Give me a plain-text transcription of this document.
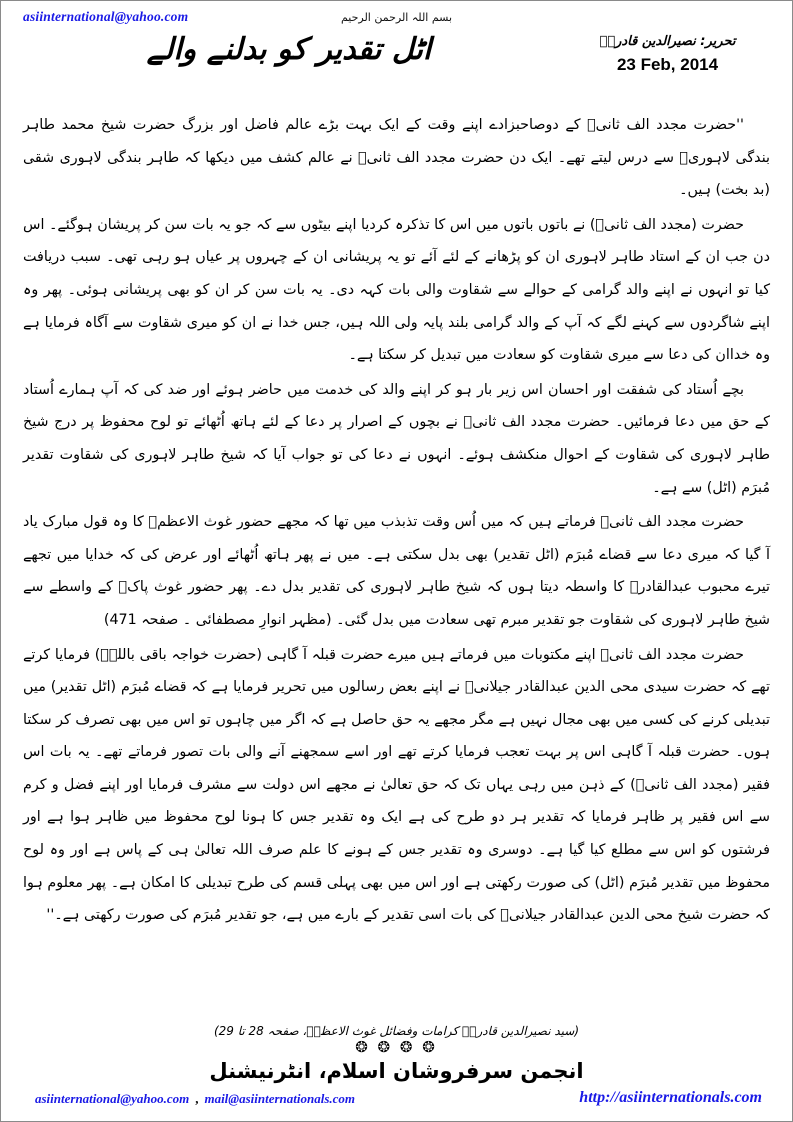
asiinternational@yahoo.com	بسم اللہ الرحمن الرحیم
اٹل تقدیر کو بدلنے والے	تحریر: نصیرالدین قادریؒ
23 Feb, 2014

''حضرت مجدد الف ثانیؒ کے دوصاحبزادے اپنے وقت کے ایک بہت بڑے عالم فاضل اور بزرگ حضرت شیخ محمد طاہر بندگی لاہوریؒ سے درس لیتے تھے۔ ایک دن حضرت مجدد الف ثانیؒ نے عالم کشف میں دیکھا کہ طاہر بندگی لاہوری شقی (بد بخت) ہیں۔

حضرت (مجدد الف ثانیؒ) نے باتوں باتوں میں اس کا تذکرہ کردیا اپنے بیٹوں سے کہ جو یہ بات سن کر پریشان ہوگئے۔ اس دن جب ان کے استاد طاہر لاہوری ان کو پڑھانے کے لئے آئے تو یہ پریشانی ان کے چہروں پر عیاں ہو رہی تھی۔ سبب دریافت کیا تو انہوں نے اپنے والد گرامی کے حوالے سے شقاوت والی بات کہہ دی۔ یہ بات سن کر ان کو بھی پریشانی ہوئی۔ پھر وہ اپنے شاگردوں سے کہنے لگے کہ آپ کے والد گرامی بلند پایہ ولی اللہ ہیں، جس خدا نے ان کو میری شقاوت سے آگاہ فرمایا ہے وہ خداان کی دعا سے میری شقاوت کو سعادت میں تبدیل کر سکتا ہے۔

بچے اُستاد کی شفقت اور احسان اس زیر بار ہو کر اپنے والد کی خدمت میں حاضر ہوئے اور ضد کی کہ آپ ہمارے اُستاد کے حق میں دعا فرمائیں۔ حضرت مجدد الف ثانیؒ نے بچوں کے اصرار پر دعا کے لئے ہاتھ اُٹھائے تو لوح محفوظ پر درج شیخ طاہر لاہوری کی شقاوت کے احوال منکشف ہوئے۔ انہوں نے دعا کی تو جواب آیا کہ شیخ طاہر لاہوری کی شقاوت تقدیر مُبرَم (اٹل) سے ہے۔

حضرت مجدد الف ثانیؒ فرماتے ہیں کہ میں اُس وقت تذبذب میں تھا کہ مجھے حضور غوث الاعظمؓ کا وہ قول مبارک یاد آ گیا کہ میری دعا سے قضاے مُبرَم (اٹل تقدیر) بھی بدل سکتی ہے۔ میں نے پھر ہاتھ اُٹھائے اور عرض کی کہ خدایا میں تجھے تیرے محبوب عبدالقادرؓ کا واسطہ دیتا ہوں کہ شیخ طاہر لاہوری کی تقدیر بدل دے۔ پھر حضور غوث پاکؓ کے واسطے سے شیخ طاہر لاہوری کی شقاوت جو تقدیر مبرم تھی سعادت میں بدل گئی۔ (مظہر انوارِ مصطفائی ۔ صفحہ 471)

حضرت مجدد الف ثانیؒ اپنے مکتوبات میں فرماتے ہیں میرے حضرت قبلہ آ گاہی (حضرت خواجہ باقی باللہؒ) فرمایا کرتے تھے کہ حضرت سیدی محی الدین عبدالقادر جیلانیؓ نے اپنے بعض رسالوں میں تحریر فرمایا ہے کہ قضاے مُبرَم (اٹل تقدیر) میں تبدیلی کرنے کی کسی میں بھی مجال نہیں ہے مگر مجھے یہ حق حاصل ہے کہ اگر میں چاہوں تو اس میں بھی تصرف کر سکتا ہوں۔ حضرت قبلہ آ گاہی اس پر بہت تعجب فرمایا کرتے تھے اور اسے سمجھنے آنے والی بات تصور فرماتے تھے۔ یہ بات اس فقیر (مجدد الف ثانیؒ) کے ذہن میں رہی یہاں تک کہ حق تعالیٰ نے مجھے اس دولت سے مشرف فرمایا اور اپنے فضل و کرم سے اس فقیر پر ظاہر فرمایا کہ تقدیر ہر دو طرح کی ہے ایک وہ تقدیر جس کا ہونا لوح محفوظ میں ظاہر ہوا ہے اور فرشتوں کو اس سے مطلع کیا گیا ہے۔ دوسری وہ تقدیر جس کے ہونے کا علم صرف اللہ تعالیٰ ہی کے پاس ہے اور وہ لوح محفوظ میں تقدیر مُبرَم (اٹل) کی صورت رکھتی ہے اور اس میں بھی پہلی قسم کی طرح تبدیلی کا امکان ہے۔ پھر معلوم ہوا کہ حضرت شیخ محی الدین عبدالقادر جیلانیؓ کی بات اسی تقدیر کے بارے میں ہے، جو تقدیر مُبرَم کی صورت رکھتی ہے۔''

(سید نصیرالدین قادریؒ کرامات وفضائل غوث الاعظمؓ، صفحہ 28 تا 29)
❂ ❂ ❂ ❂
انجمن سرفروشان اسلام، انٹرنیشنل
asiinternational@yahoo.com , mail@asiinternationals.com	http://asiinternationals.com
